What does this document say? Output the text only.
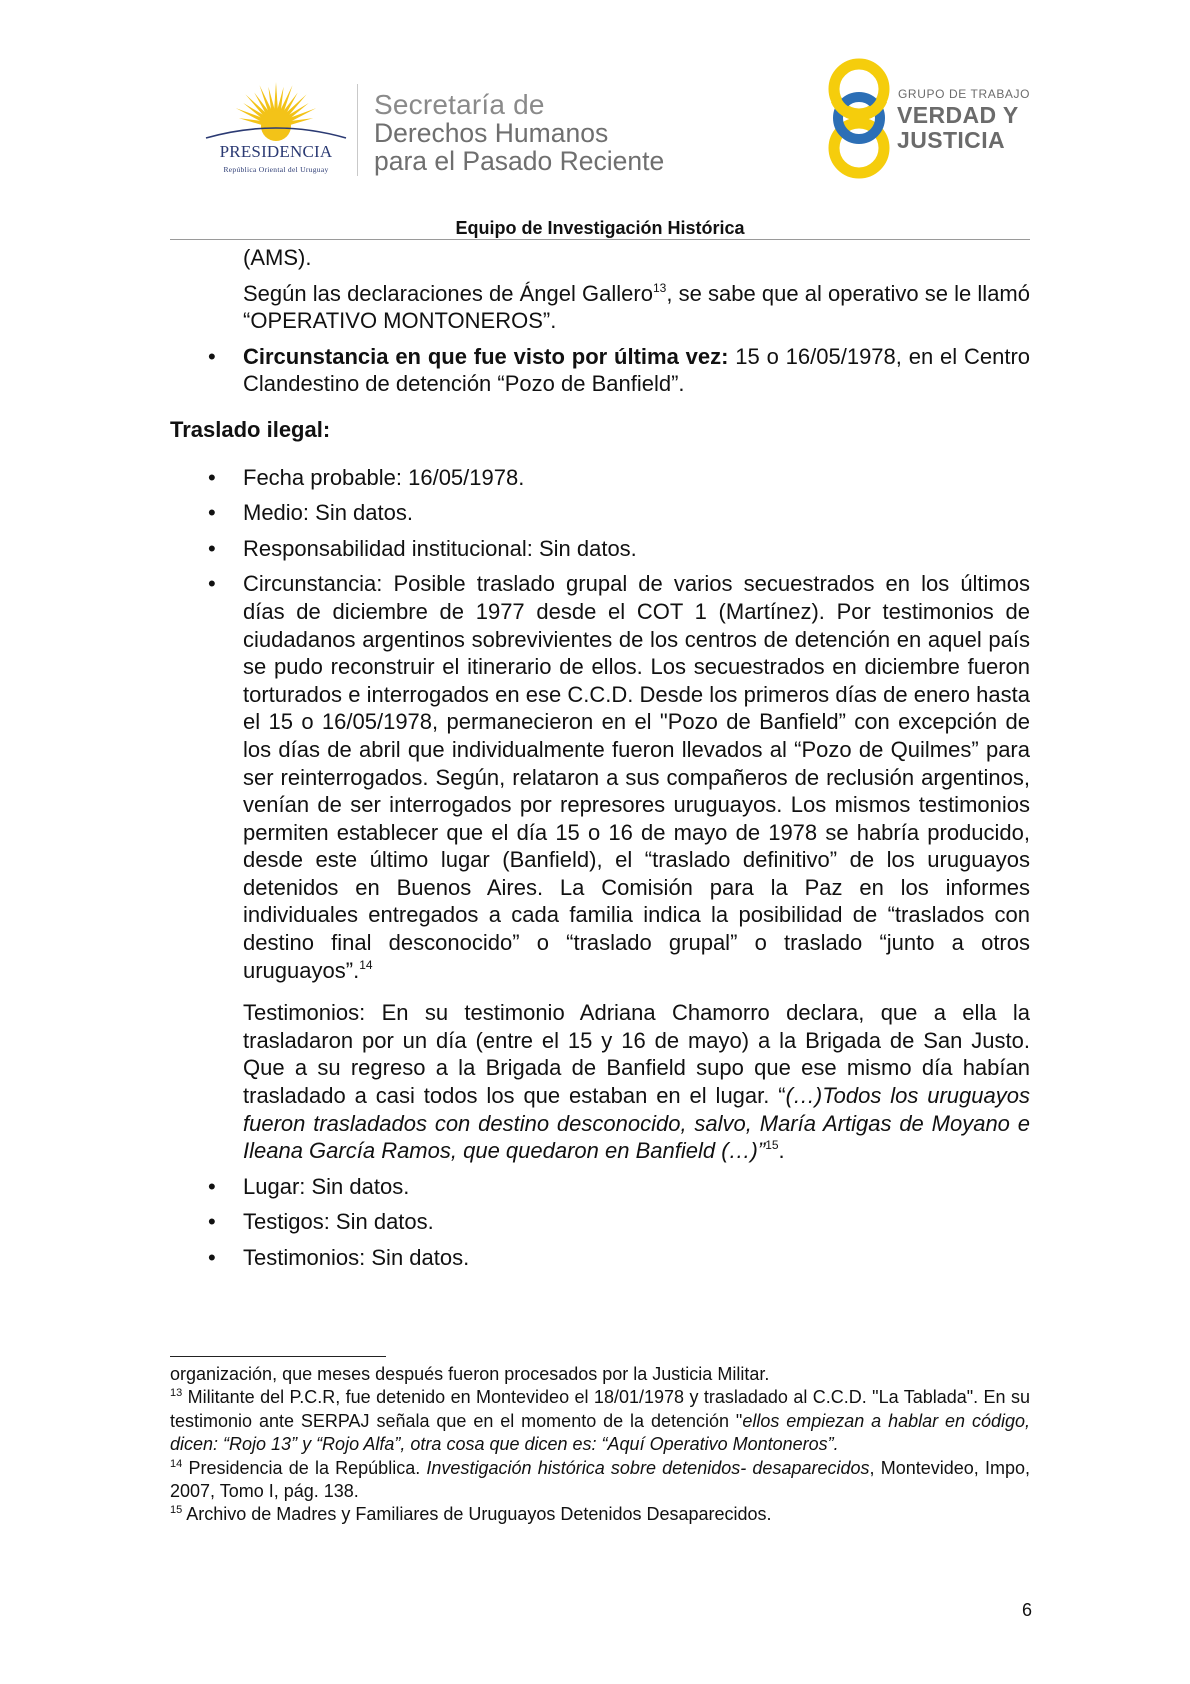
PRESIDENCIA
República Oriental del Uruguay
Secretaría de
Derechos Humanos
para el Pasado Reciente
GRUPO DE TRABAJO
VERDAD Y
JUSTICIA
Equipo de Investigación Histórica
(AMS).
Según las declaraciones de Ángel Gallero$^{13}$, se sabe que al operativo se le llamó “OPERATIVO MONTONEROS”.
• Circunstancia en que fue visto por última vez: 15 o 16/05/1978, en el Centro Clandestino de detención “Pozo de Banfield”.
Traslado ilegal:
• Fecha probable: 16/05/1978.
• Medio: Sin datos.
• Responsabilidad institucional: Sin datos.
• Circunstancia: Posible traslado grupal de varios secuestrados en los últimos días de diciembre de 1977 desde el COT 1 (Martínez). Por testimonios de ciudadanos argentinos sobrevivientes de los centros de detención en aquel país se pudo reconstruir el itinerario de ellos. Los secuestrados en diciembre fueron torturados e interrogados en ese C.C.D. Desde los primeros días de enero hasta el 15 o 16/05/1978, permanecieron en el "Pozo de Banfield” con excepción de los días de abril que individualmente fueron llevados al “Pozo de Quilmes” para ser reinterrogados. Según, relataron a sus compañeros de reclusión argentinos, venían de ser interrogados por represores uruguayos. Los mismos testimonios permiten establecer que el día 15 o 16 de mayo de 1978 se habría producido, desde este último lugar (Banfield), el “traslado definitivo” de los uruguayos detenidos en Buenos Aires. La Comisión para la Paz en los informes individuales entregados a cada familia indica la posibilidad de “traslados con destino final desconocido” o “traslado grupal” o traslado “junto a otros uruguayos”.$^{14}$
Testimonios: En su testimonio Adriana Chamorro declara, que a ella la trasladaron por un día (entre el 15 y 16 de mayo) a la Brigada de San Justo. Que a su regreso a la Brigada de Banfield supo que ese mismo día habían trasladado a casi todos los que estaban en el lugar. “(…)Todos los uruguayos fueron trasladados con destino desconocido, salvo, María Artigas de Moyano e Ileana García Ramos, que quedaron en Banfield (…)”$^{15}$.
• Lugar: Sin datos.
• Testigos: Sin datos.
• Testimonios: Sin datos.
organización, que meses después fueron procesados por la Justicia Militar.
$^{13}$ Militante del P.C.R, fue detenido en Montevideo el 18/01/1978 y trasladado al C.C.D. "La Tablada". En su testimonio ante SERPAJ señala que en el momento de la detención "ellos empiezan a hablar en código, dicen: “Rojo 13” y “Rojo Alfa”, otra cosa que dicen es: “Aquí Operativo Montoneros”.
$^{14}$ Presidencia de la República. Investigación histórica sobre detenidos- desaparecidos, Montevideo, Impo, 2007, Tomo I, pág. 138.
$^{15}$ Archivo de Madres y Familiares de Uruguayos Detenidos Desaparecidos.
6
